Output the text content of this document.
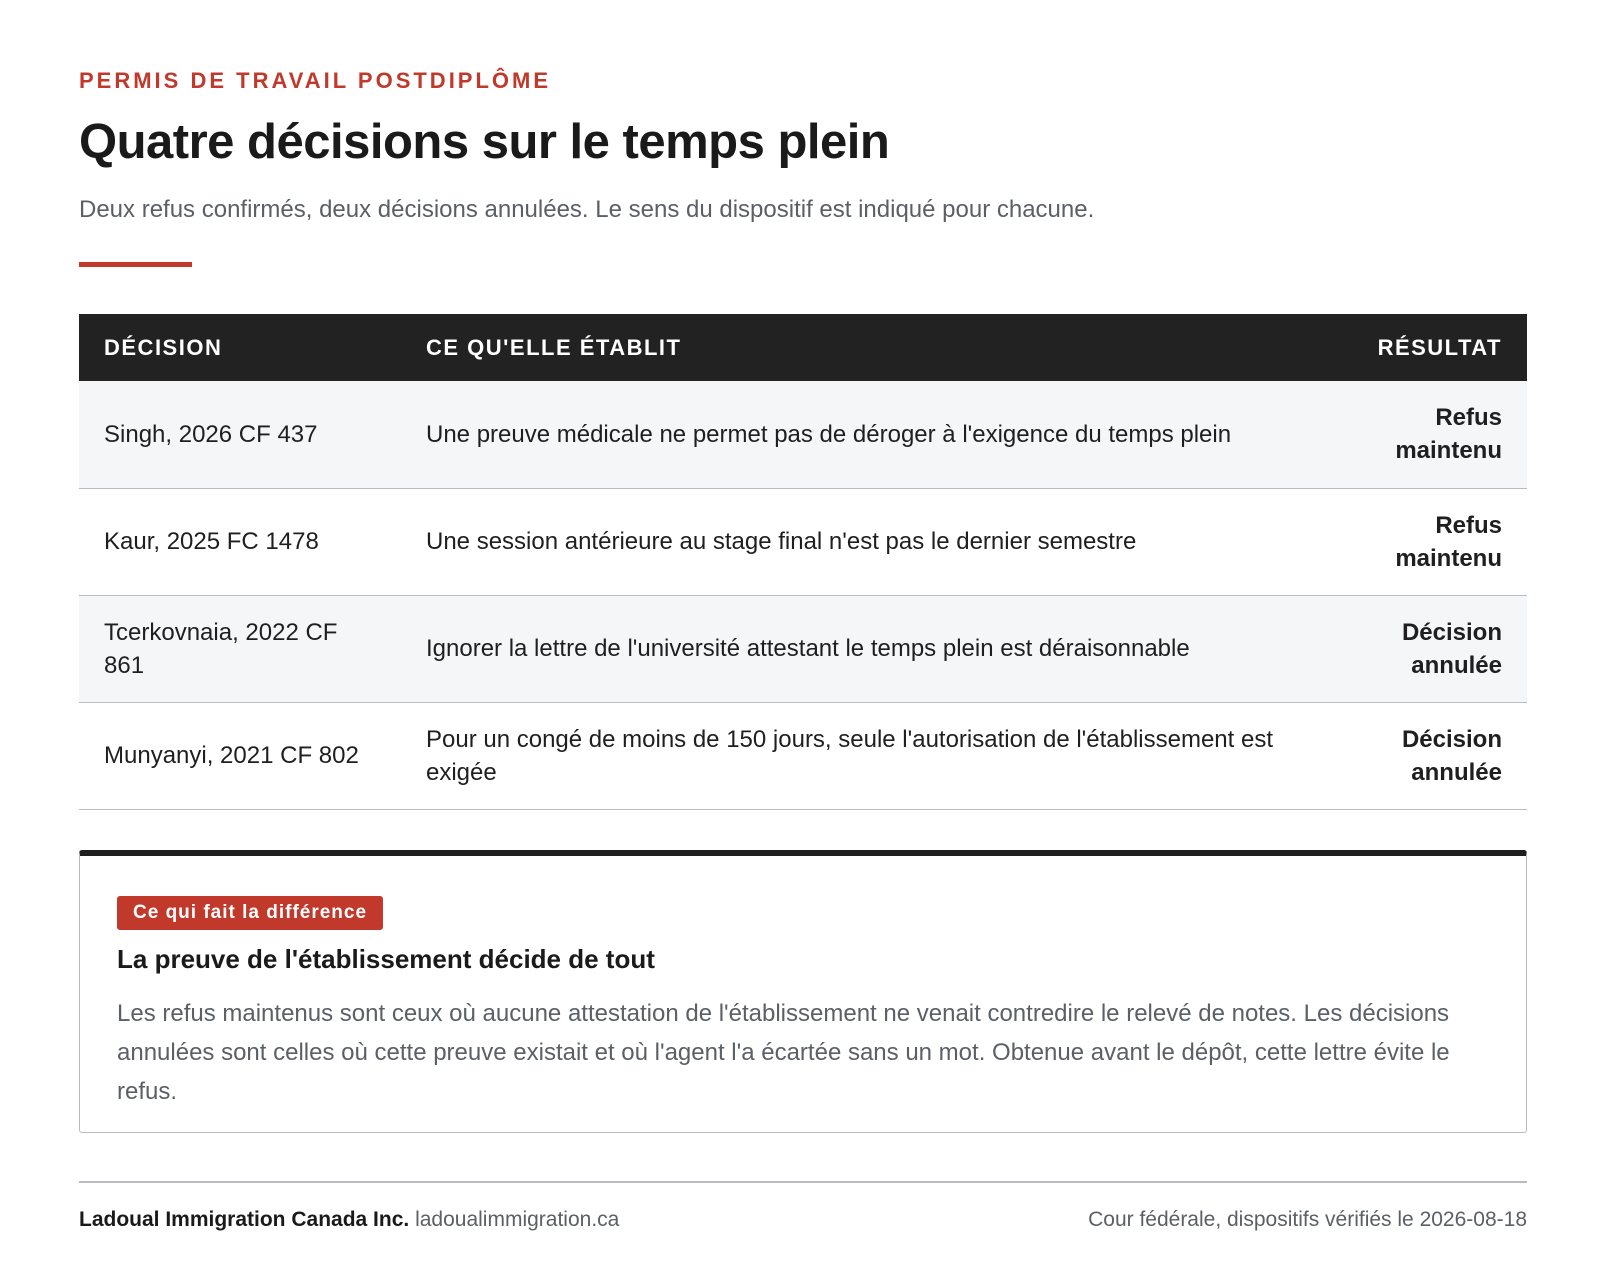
PERMIS DE TRAVAIL POSTDIPLÔME
Quatre décisions sur le temps plein

Deux refus confirmés, deux décisions annulées. Le sens du dispositif est indiqué pour chacune.

DÉCISION	CE QU'ELLE ÉTABLIT	RÉSULTAT
Singh, 2026 CF 437	Une preuve médicale ne permet pas de déroger à l'exigence du temps plein	Refus
maintenu
Kaur, 2025 FC 1478	Une session antérieure au stage final n'est pas le dernier semestre	Refus
maintenu
Tcerkovnaia, 2022 CF 861	Ignorer la lettre de l'université attestant le temps plein est déraisonnable	Décision
annulée
Munyanyi, 2021 CF 802	Pour un congé de moins de 150 jours, seule l'autorisation de l'établissement est exigée	Décision
annulée
Ce qui fait la différence
La preuve de l'établissement décide de tout

Les refus maintenus sont ceux où aucune attestation de l'établissement ne venait contredire le relevé de notes. Les décisions annulées sont celles où cette preuve existait et où l'agent l'a écartée sans un mot. Obtenue avant le dépôt, cette lettre évite le refus.

Ladoual Immigration Canada Inc. ladoualimmigration.ca	Cour fédérale, dispositifs vérifiés le 2026-08-18
